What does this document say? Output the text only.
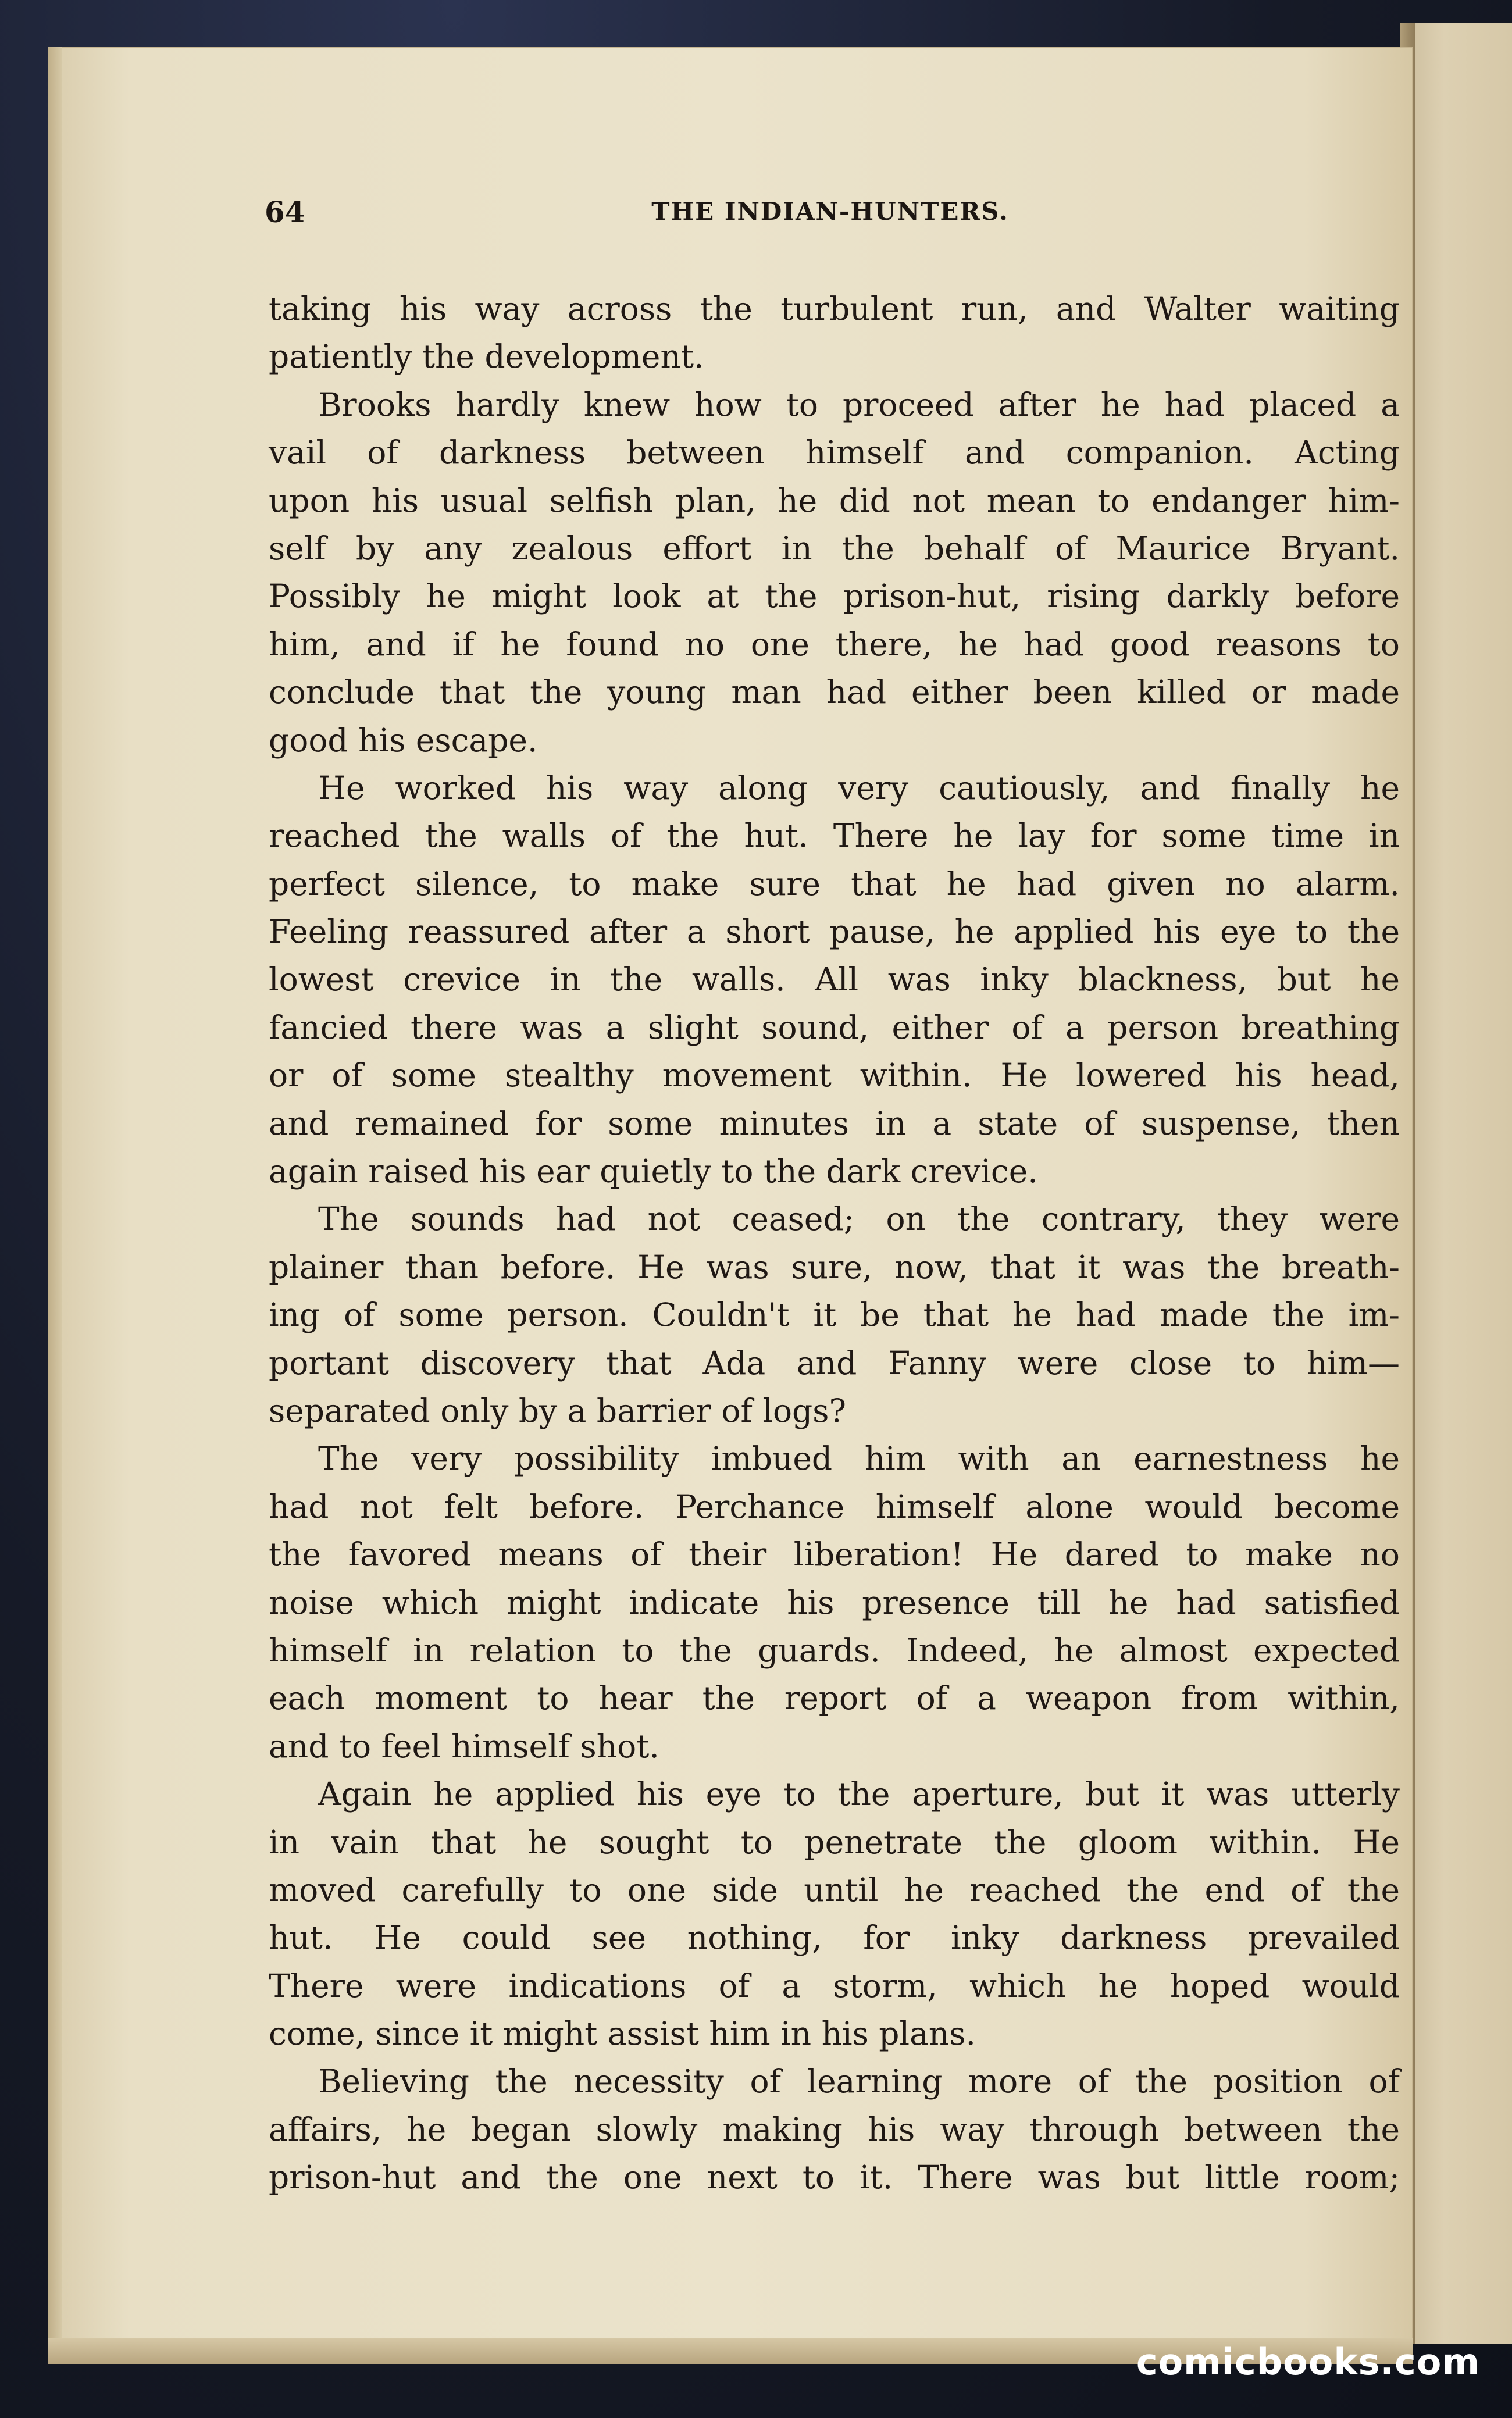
64	THE INDIAN-HUNTERS.
taking his way across the turbulent run, and Walter waiting
patiently the development.
Brooks hardly knew how to proceed after he had placed a
vail of darkness between himself and companion. Acting
upon his usual selfish plan, he did not mean to endanger him-
self by any zealous effort in the behalf of Maurice Bryant.
Possibly he might look at the prison-hut, rising darkly before
him, and if he found no one there, he had good reasons to
conclude that the young man had either been killed or made
good his escape.
He worked his way along very cautiously, and finally he
reached the walls of the hut. There he lay for some time in
perfect silence, to make sure that he had given no alarm.
Feeling reassured after a short pause, he applied his eye to the
lowest crevice in the walls. All was inky blackness, but he
fancied there was a slight sound, either of a person breathing
or of some stealthy movement within. He lowered his head,
and remained for some minutes in a state of suspense, then
again raised his ear quietly to the dark crevice.
The sounds had not ceased; on the contrary, they were
plainer than before. He was sure, now, that it was the breath-
ing of some person. Couldn't it be that he had made the im-
portant discovery that Ada and Fanny were close to him—
separated only by a barrier of logs?
The very possibility imbued him with an earnestness he
had not felt before. Perchance himself alone would become
the favored means of their liberation! He dared to make no
noise which might indicate his presence till he had satisfied
himself in relation to the guards. Indeed, he almost expected
each moment to hear the report of a weapon from within,
and to feel himself shot.
Again he applied his eye to the aperture, but it was utterly
in vain that he sought to penetrate the gloom within. He
moved carefully to one side until he reached the end of the
hut. He could see nothing, for inky darkness prevailed
There were indications of a storm, which he hoped would
come, since it might assist him in his plans.
Believing the necessity of learning more of the position of
affairs, he began slowly making his way through between the
prison-hut and the one next to it. There was but little room;
comicbooks.com
